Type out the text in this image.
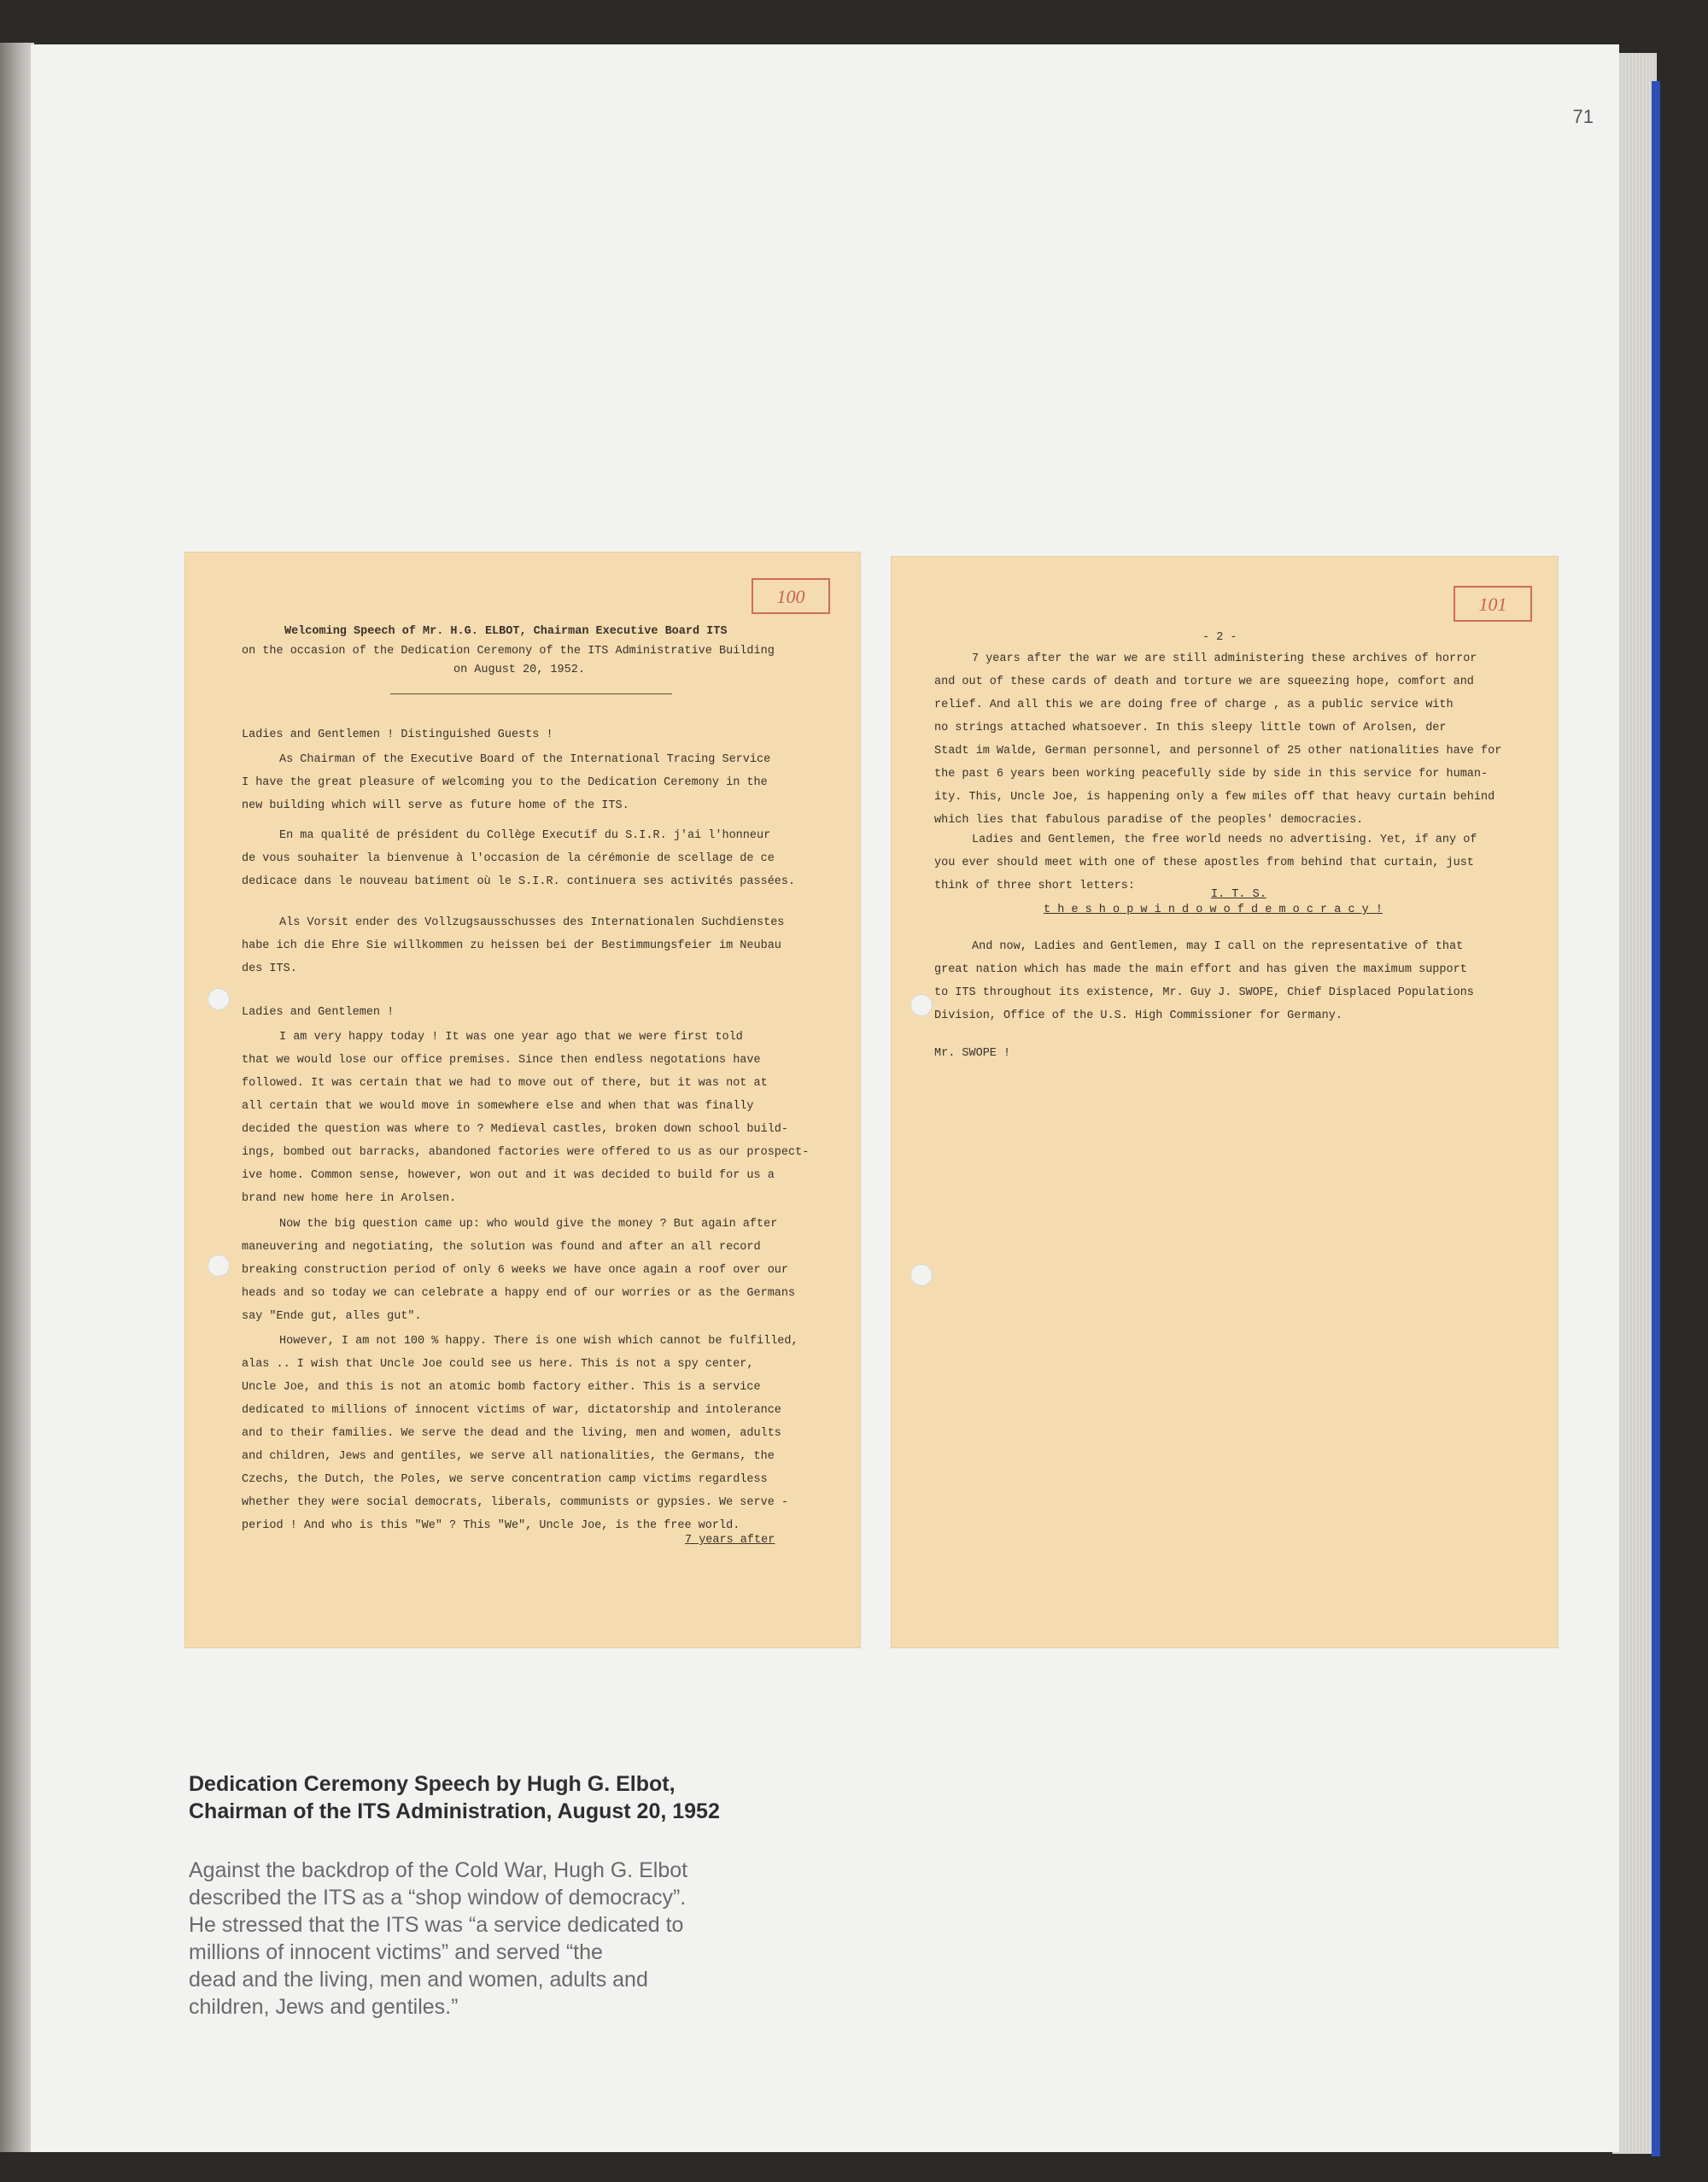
71
100
Welcoming Speech of Mr. H.G. ELBOT, Chairman Executive Board ITS
on the occasion of the Dedication Ceremony of the ITS Administrative Building
on August 20, 1952.
Ladies and Gentlemen ! Distinguished Guests !
As Chairman of the Executive Board of the International Tracing Service
I have the great pleasure of welcoming you to the Dedication Ceremony in the
new building which will serve as future home of the ITS.
En ma qualité de président du Collège Executif du S.I.R. j'ai l'honneur
de vous souhaiter la bienvenue à l'occasion de la cérémonie de scellage de ce
dedicace dans le nouveau batiment où le S.I.R. continuera ses activités passées.
Als Vorsit ender des Vollzugsausschusses des Internationalen Suchdienstes
habe ich die Ehre Sie willkommen zu heissen bei der Bestimmungsfeier im Neubau
des ITS.
Ladies and Gentlemen !
I am very happy today ! It was one year ago that we were first told
that we would lose our office premises. Since then endless negotations have
followed. It was certain that we had to move out of there, but it was not at
all certain that we would move in somewhere else and when that was finally
decided the question was where to ? Medieval castles, broken down school build-
ings, bombed out barracks, abandoned factories were offered to us as our prospect-
ive home. Common sense, however, won out and it was decided to build for us a
brand new home here in Arolsen.
Now the big question came up: who would give the money ? But again after
maneuvering and negotiating, the solution was found and after an all record
breaking construction period of only 6 weeks we have once again a roof over our
heads and so today we can celebrate a happy end of our worries or as the Germans
say "Ende gut, alles gut".
However, I am not 100 % happy. There is one wish which cannot be fulfilled,
alas .. I wish that Uncle Joe could see us here. This is not a spy center,
Uncle Joe, and this is not an atomic bomb factory either. This is a service
dedicated to millions of innocent victims of war, dictatorship and intolerance
and to their families. We serve the dead and the living, men and women, adults
and children, Jews and gentiles, we serve all nationalities, the Germans, the
Czechs, the Dutch, the Poles, we serve concentration camp victims regardless
whether they were social democrats, liberals, communists or gypsies. We serve -
period ! And who is this "We" ? This "We", Uncle Joe, is the free world.
7 years after
101
- 2 -
7 years after the war we are still administering these archives of horror
and out of these cards of death and torture we are squeezing hope, comfort and
relief. And all this we are doing free of charge , as a public service with
no strings attached whatsoever. In this sleepy little town of Arolsen, der
Stadt im Walde, German personnel, and personnel of 25 other nationalities have for
the past 6 years been working peacefully side by side in this service for human-
ity. This, Uncle Joe, is happening only a few miles off that heavy curtain behind
which lies that fabulous paradise of the peoples' democracies.
Ladies and Gentlemen, the free world needs no advertising. Yet, if any of
you ever should meet with one of these apostles from behind that curtain, just
think of three short letters:
I. T. S.
t h e s h o p w i n d o w o f d e m o c r a c y !
And now, Ladies and Gentlemen, may I call on the representative of that
great nation which has made the main effort and has given the maximum support
to ITS throughout its existence, Mr. Guy J. SWOPE, Chief Displaced Populations
Division, Office of the U.S. High Commissioner for Germany.
Mr. SWOPE !
Dedication Ceremony Speech by Hugh G. Elbot,
Chairman of the ITS Administration, August 20, 1952
Against the backdrop of the Cold War, Hugh G. Elbot
described the ITS as a “shop window of democracy”.
He stressed that the ITS was “a service dedicated to
millions of innocent victims” and served “the
dead and the living, men and women, adults and
children, Jews and gentiles.”
